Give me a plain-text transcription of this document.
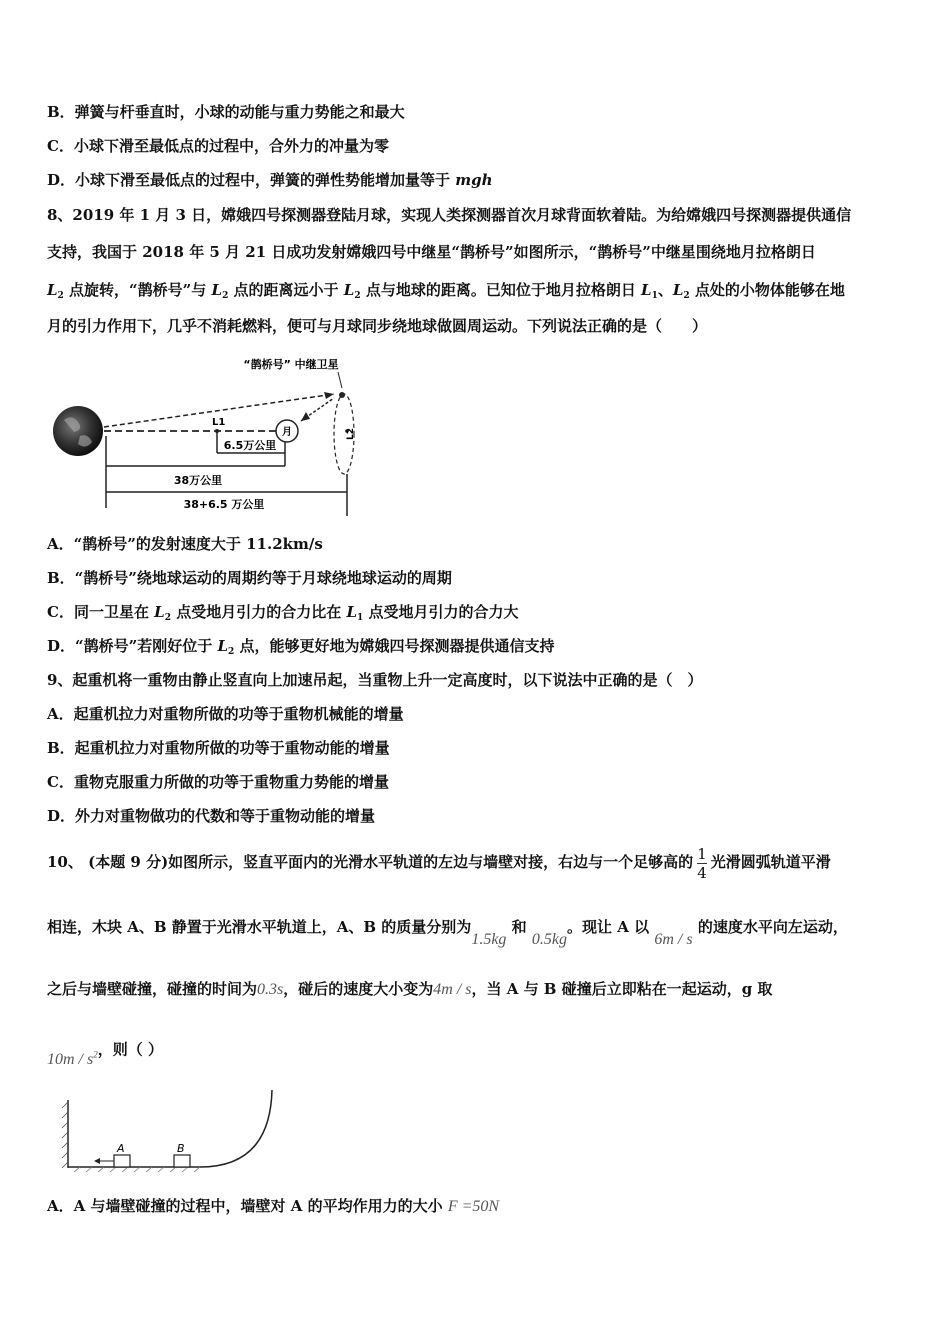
B．弹簧与杆垂直时，小球的动能与重力势能之和最大
C．小球下滑至最低点的过程中，合外力的冲量为零
D．小球下滑至最低点的过程中，弹簧的弹性势能增加量等于 mgh
8、2019 年 1 月 3 日，嫦娥四号探测器登陆月球，实现人类探测器首次月球背面软着陆。为给嫦娥四号探测器提供通信
支持，我国于 2018 年 5 月 21 日成功发射嫦娥四号中继星“鹊桥号”如图所示，“鹊桥号”中继星围绕地月拉格朗日
$L_2$ 点旋转，“鹊桥号”与 $L_2$ 点的距离远小于 $L_2$ 点与地球的距离。已知位于地月拉格朗日 $L_1$、$L_2$ 点处的小物体能够在地
月的引力作用下，几乎不消耗燃料，便可与月球同步绕地球做圆周运动。下列说法正确的是（　　）
“鹊桥号” 中继卫星
L1
月	L2
6.5万公里
38万公里
38+6.5 万公里
A．“鹊桥号”的发射速度大于 11.2km/s
B．“鹊桥号”绕地球运动的周期约等于月球绕地球运动的周期
C．同一卫星在 $L_2$ 点受地月引力的合力比在 $L_1$ 点受地月引力的合力大
D．“鹊桥号”若刚好位于 $L_2$ 点，能够更好地为嫦娥四号探测器提供通信支持
9、起重机将一重物由静止竖直向上加速吊起，当重物上升一定高度时，以下说法中正确的是（　）
A．起重机拉力对重物所做的功等于重物机械能的增量
B．起重机拉力对重物所做的功等于重物动能的增量
C．重物克服重力所做的功等于重物重力势能的增量
D．外力对重物做功的代数和等于重物动能的增量
10、 (本题 9 分)如图所示，竖直平面内的光滑水平轨道的左边与墙壁对接，右边与一个足够高的 $\frac{1}{4}$ 光滑圆弧轨道平滑
相连，木块 A、B 静置于光滑水平轨道上，A、B 的质量分别为1.5kg 和 0.5kg。现让 A 以 6m / s 的速度水平向左运动，
之后与墙壁碰撞，碰撞的时间为0.3s，碰后的速度大小变为4m / s，当 A 与 B 碰撞后立即粘在一起运动，g 取
$10m / s^2$，则（ ）
A	B
A．A 与墙壁碰撞的过程中，墙壁对 A 的平均作用力的大小 F =50N
